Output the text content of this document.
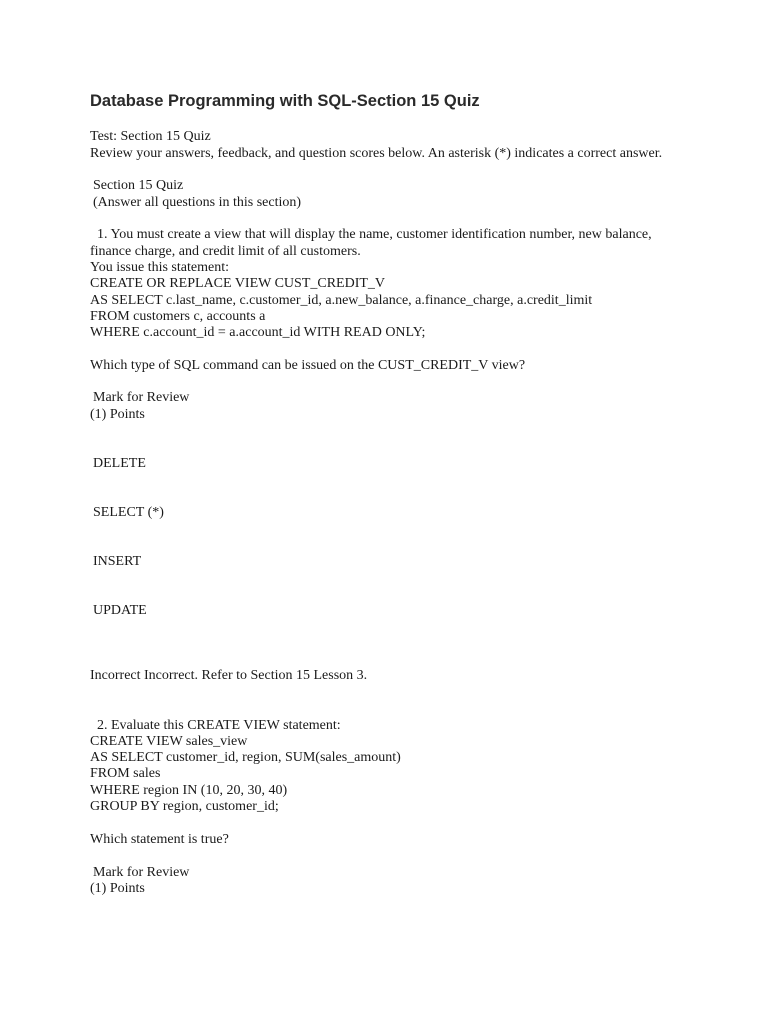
Database Programming with SQL-Section 15 Quiz
Test: Section 15 Quiz
Review your answers, feedback, and question scores below. An asterisk (*) indicates a correct answer.
Section 15 Quiz
(Answer all questions in this section)
1. You must create a view that will display the name, customer identification number, new balance,
finance charge, and credit limit of all customers.
You issue this statement:
CREATE OR REPLACE VIEW CUST_CREDIT_V
AS SELECT c.last_name, c.customer_id, a.new_balance, a.finance_charge, a.credit_limit
FROM customers c, accounts a
WHERE c.account_id = a.account_id WITH READ ONLY;
Which type of SQL command can be issued on the CUST_CREDIT_V view?
Mark for Review
(1) Points
DELETE
SELECT (*)
INSERT
UPDATE
Incorrect Incorrect. Refer to Section 15 Lesson 3.
2. Evaluate this CREATE VIEW statement:
CREATE VIEW sales_view
AS SELECT customer_id, region, SUM(sales_amount)
FROM sales
WHERE region IN (10, 20, 30, 40)
GROUP BY region, customer_id;
Which statement is true?
Mark for Review
(1) Points
